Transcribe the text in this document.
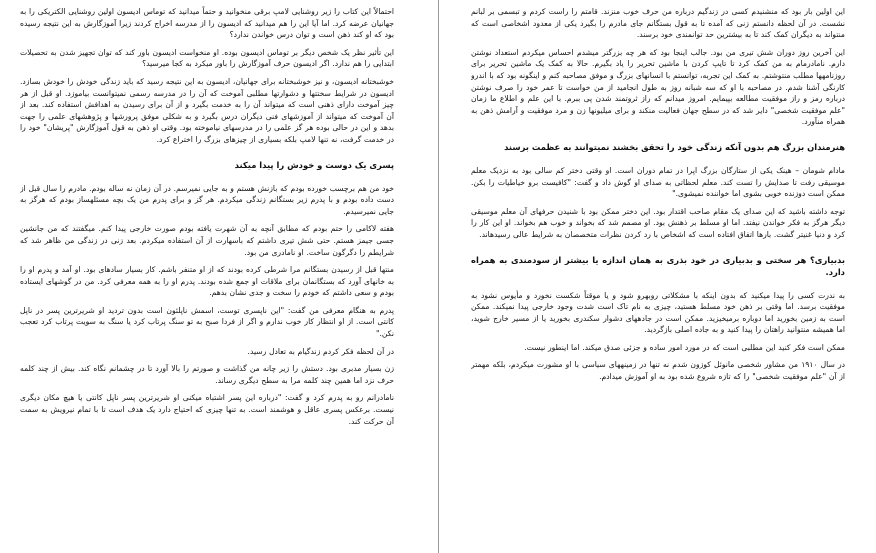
احتمالاً این کتاب را زیر روشنایی لامپ برقی منخوانید و حتماً میدانید که توماس ادیسون اولین روشنایی الکتریکی را به جهانیان عرضه کرد. اما آیا این را هم میدانید که ادیسون را از مدرسه اخراج کردند زیرا آموزگارش به این نتیجه رسیده بود که او کند ذهن است و توان درس خواندن ندارد؟

این تأثیر نظر یک شخص دیگر بر توماس ادیسون بوده. او منخواست ادیسون باور کند که توان تجهیز شدن به تحصیلات ابتدایی را هم ندارد. اگر ادیسون حرف آموزگارش را باور میکرد به کجا میرسید؟

خوشبختانه ادیسون، و نیز خوشبختانه برای جهانیان، ادیسون به این نتیجه رسید که باید زندگی خودش را خودش بسازد. ادیسون در شرایط سختتها و دشوارتها مطلبی آموخت که آن را در مدرسه رسمی نمیتوانست بیاموزد. او قبل از هر چیز آموخت دارای ذهنی است که میتواند آن را به خدمت بگیرد و از آن برای رسیدن به اهدافش استفاده کند. بعد از آن آموخت که میتواند از آموزشهای فنی دیگران درس بگیرد و به شکلی موفق پرورشها و پژوهشهای علمی را جهت بدهد و این در حالی بوده هر گز علمی را در مدرسهای نیاموخته بود. وقتی او ذهن به قول آموزگارش "پریشان" خود را در خدمت گرفت، نه تنها لامپ بلکه بسیاری از چیزهای بزرگ را اختراع کرد.

پسری یک دوست و خودش را پیدا میکند

خود من هم برچسب خورده بودم که بازنش هستم و به جایی نمیرسم. در آن زمان نه ساله بودم. مادرم را سال قبل از دست داده بودم و با پدرم زیر بستگانم زندگی میکردم. هر گز و برای پدرم من یک بچه مسئلهساز بودم که هرگز به جایی نمیرسیدم.

هفته لاکامی را حتم بودم که مطابق آنچه به آن شهرت یافته بودم صورت خارجی پیدا کنم. میگفتند که من جانشین جسی جیمز هستم. حتی شش تیری داشتم که باسهارت از آن استفاده میکردم. بعد زنی در زندگی من ظاهر شد که شرایطم را دگرگون ساخت. او نامادری من بود.

منتها قبل از رسیدن بستگانم مرا شرطی کرده بودند که از او متنفر باشم. کار بسیار سادهای بود. او آمد و پدرم او را به خانهای آورد که بستگانمان برای ملاقات او جمع شده بودند. پدرم او را به همه معرفی کرد. من در گوشهای ایستاده بودم و سعی داشتم که خودم را سخت و جدی نشان بدهم.

پدرم به هنگام معرفی من گفت: "این ناپسری توست، اسمش ناپلئون است بدون تردید او شریرترین پسر در ناپل کانتی است. از او انتظار کار خوب ندارم و اگر از فردا صبح به تو سنگ پرتاب کرد یا سنگ به سویت پرتاب کرد تعجب نکن."

در آن لحظه فکر کردم زندگیام به تعادل رسید.

زن بسیار مدبری بود. دستش را زیر چانه من گذاشت و صورتم را بالا آورد تا در چشمانم نگاه کند. بیش از چند کلمه حرف نزد اما همین چند کلمه مرا به سطح دیگری رساند.

نامادرانم رو به پدرم کرد و گفت: "درباره این پسر اشتباه میکنی او شریرترین پسر ناپل کانتی یا هیچ مکان دیگری نیست. برعکس پسری عاقل و هوشمند است. به تنها چیزی که احتیاج دارد یک هدف است تا با تمام نیرویش به سمت آن حرکت کند.

این اولین بار بود که منشنیدم کسی در زندگیم درباره من حرف خوب منزند. قامتم را راست کردم و تبسمی بر لبانم نشست. در آن لحظه دانستم زنی که آمده تا به قول بستگانم جای مادرم را بگیرد یکی از معدود اشخاصی است که منتواند به دیگران کمک کند تا به بیشترین حد توانمندی خود برسند.

این آخرین روز دوران شش تیری من بود. جالب اینجا بود که هر چه بزرگتر میشدم احساس میکردم استعداد نوشتن دارم. نامادرمام به من کمک کرد تا تایپ کردن با ماشین تحریر را یاد بگیرم. حالا به کمک یک ماشین تحریر برای روزنامهها مطلب منتوشتم. به کمک این تجربه، توانستم با انسانهای بزرگ و موفق مصاحبه کنم و اینگونه بود که با اندرو کارنگی آشنا شدم. در مصاحبه با او که سه شبانه روز به طول انجامید از من خواست تا عمر خود را صرف نوشتن درباره رمز و راز موفقیت مطالعه بپیمایم. امروز میدانم که راز ثروتمند شدن پی ببرم. با این علم و اطلاع ما زمان "علم موفقیت شخصی" دایر شد که در سطح جهان فعالیت منکند و برای میلیونها زن و مرد موفقیت و آرامش ذهن به همراه منآورد.

هنرمندان بزرگ هم بدون آنکه زندگی خود را تحقق بخشند نمیتوانند به عظمت برسند

مادام شومان – هینک یکی از ستارگان بزرگ اپرا در تمام دوران است. او وقتی دختر کم سالی بود به نزدیک معلم موسیقی رفت تا صدایش را تست کند. معلم لحظاتی به صدای او گوش داد و گفت: "کافیست برو خیاطیات را بکن. ممکن است دوزنده خوبی بشوی اما خواننده نمیشوی."

توجه داشته باشید که این صدای یک مقام صاحب اقتدار بود. این دختر ممکن بود با شنیدن حرفهای آن معلم موسیقی دیگر هرگز به فکر خواندن نیفتد. اما او مسلط بر ذهنش بود. او مصمم شد که بخواند و خوب هم بخواند. او این کار را کرد و دنیا غنیتر گشت. بارها اتفاق افتاده است که اشخاص با رد کردن نظرات متخصصان به شرایط عالی رسیدهاند.

بدبیاری؟ هر سختی و بدبیاری در خود بذری به همان اندازه یا بیشتر از سودمندی به همراه دارد.

به ندرت کسی را پیدا میکنید که بدون اینکه با مشکلاتی روبهرو شود و یا موقتاً شکست نخورد و مأیوس نشود به موفقیت برسد. اما وقتی بر ذهن خود مسلط هستید، چیزی به نام تاک است شدت وجود خارجی پیدا نمیکند. ممکن است به زمین بخورید اما دوباره برمیخیزید. ممکن است در جادههای دشوار سکندری بخورید یا از مسیر خارج شوید، اما همیشه منتوانید راهتان را پیدا کنید و به جاده اصلی بازگردید.

ممکن است فکر کنید این مطلبی است که در مورد امور ساده و جزئی صدق میکند. اما اینطور نیست.

در سال ۱۹۱۰ من مشاور شخصی مانوئل کوزون شدم نه تنها در زمینههای سیاسی با او مشورت میکردم، بلکه مهمتر از آن "علم موفقیت شخصی" را که تازه شروع شده بود به او آموزش میدادم.
